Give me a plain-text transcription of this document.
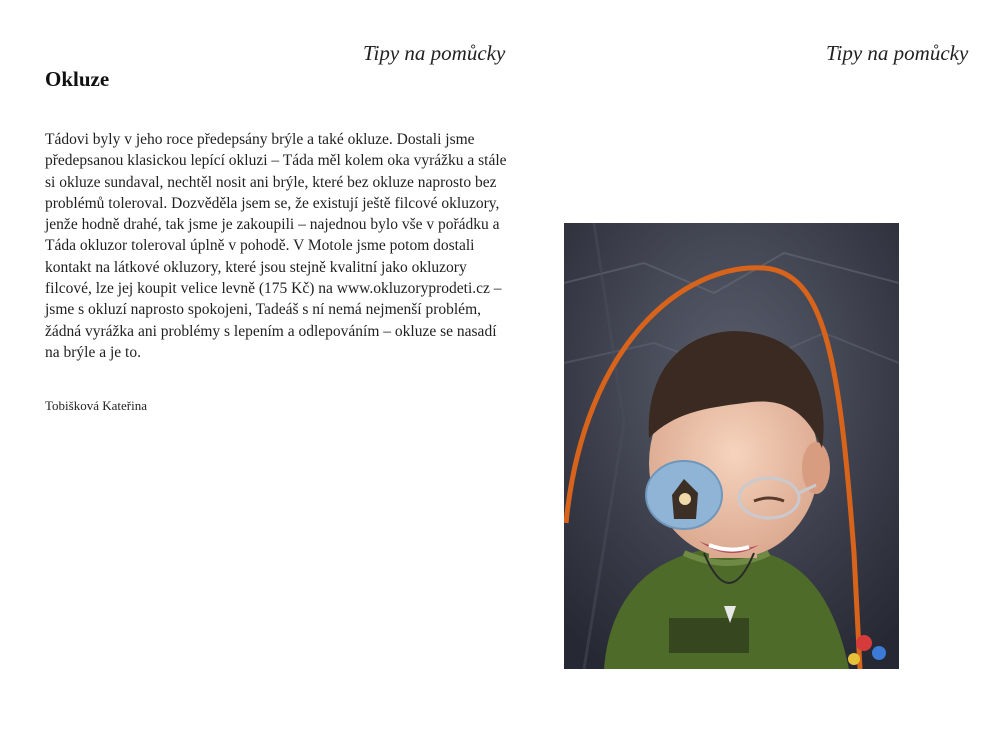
Tipy na pomůcky	Tipy na pomůcky
Okluze

Tádovi byly v jeho roce předepsány brýle a také okluze. Dostali jsme předepsanou klasickou lepící okluzi – Táda měl kolem oka vyrážku a stále si okluze sundaval, nechtěl nosit ani brýle, které bez okluze naprosto bez problémů toleroval. Dozvěděla jsem se, že existují ještě filcové okluzory, jenže hodně drahé, tak jsme je zakoupili – najednou bylo vše v pořádku a Táda okluzor toleroval úplně v pohodě. V Motole jsme potom dostali kontakt na látkové okluzory, které jsou stejně kvalitní jako okluzory filcové, lze jej koupit velice levně (175 Kč) na www.okluzoryprodeti.cz – jsme s okluzí naprosto spokojeni, Tadeáš s ní nemá nejmenší problém, žádná vyrážka ani problémy s lepením a odlepováním – okluze se nasadí na brýle a je to.

Tobišková Kateřina
